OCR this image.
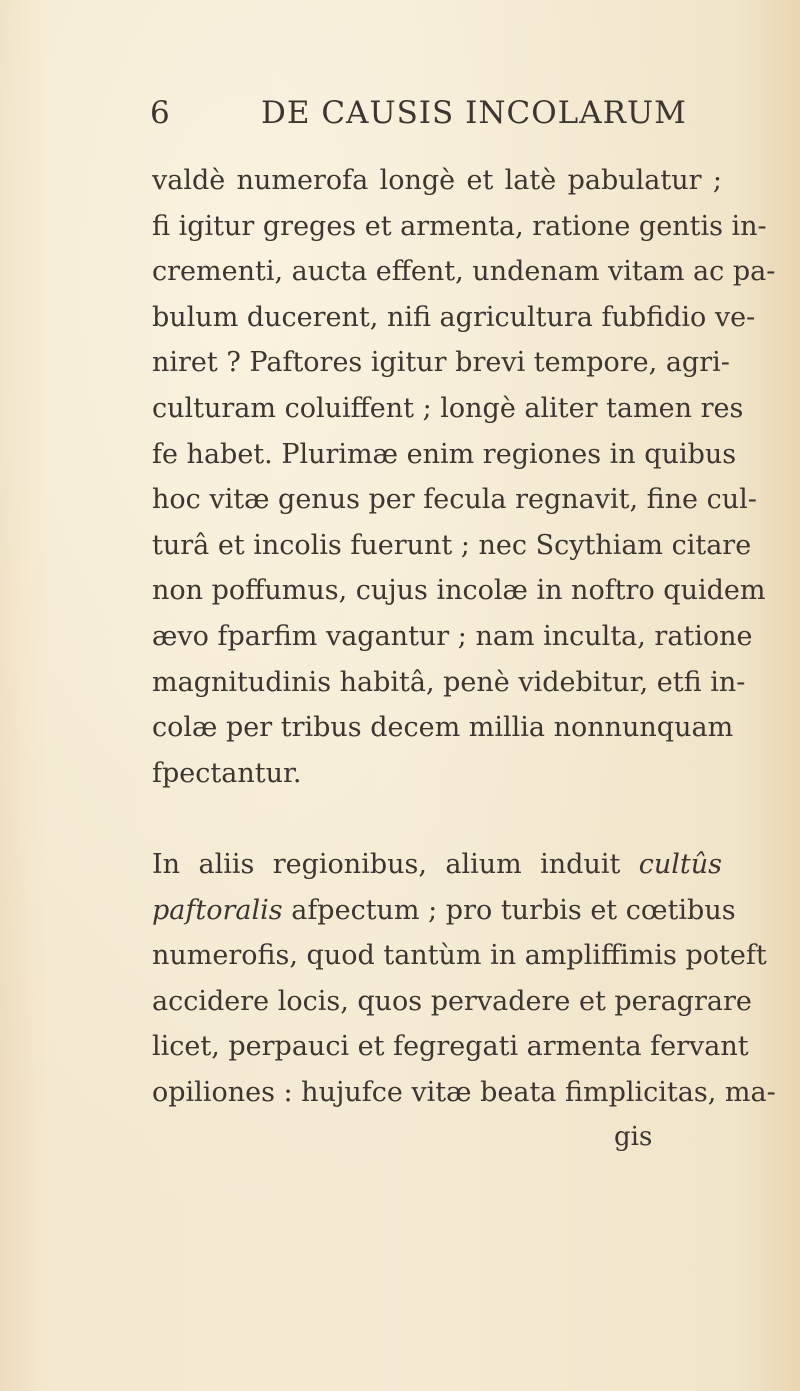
6	DE CAUSIS INCOLARUM
valdè numerofa longè et latè pabulatur ;
fi igitur greges et armenta, ratione gentis in-
crementi, aucta effent, undenam vitam ac pa-
bulum ducerent, nifi agricultura fubfidio ve-
niret ? Paftores igitur brevi tempore, agri-
culturam coluiffent ; longè aliter tamen res
fe habet. Plurimæ enim regiones in quibus
hoc vitæ genus per fecula regnavit, fine cul-
turâ et incolis fuerunt ; nec Scythiam citare
non poffumus, cujus incolæ in noftro quidem
ævo fparfim vagantur ; nam inculta, ratione
magnitudinis habitâ, penè videbitur, etfi in-
colæ per tribus decem millia nonnunquam
fpectantur.
In aliis regionibus, alium induit cultûs
paftoralis afpectum ; pro turbis et cœtibus
numerofis, quod tantùm in ampliffimis poteft
accidere locis, quos pervadere et peragrare
licet, perpauci et fegregati armenta fervant
opiliones : hujufce vitæ beata fimplicitas, ma-
gis
